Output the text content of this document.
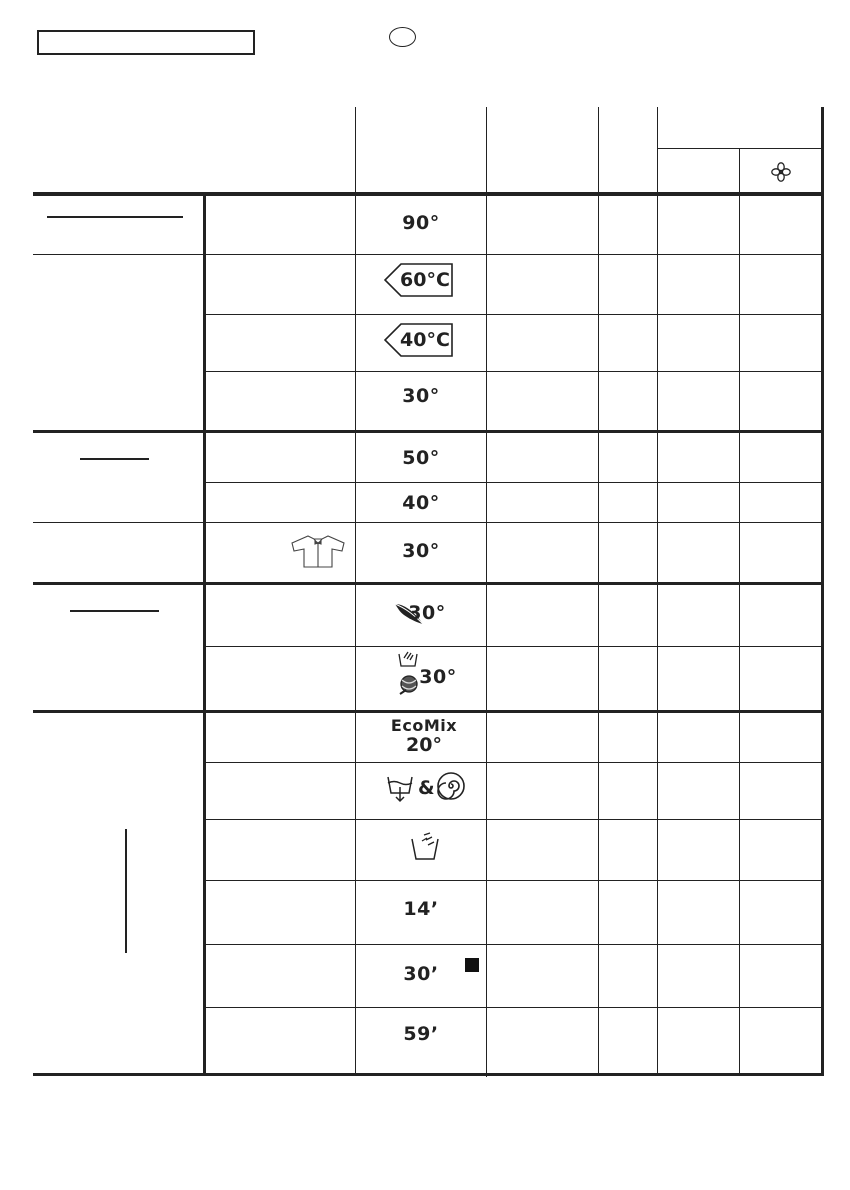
90°
60°C
40°C
30°
50°
40°
30°
30°
30°
EcoMix
20°
&
14’
30’
59’
